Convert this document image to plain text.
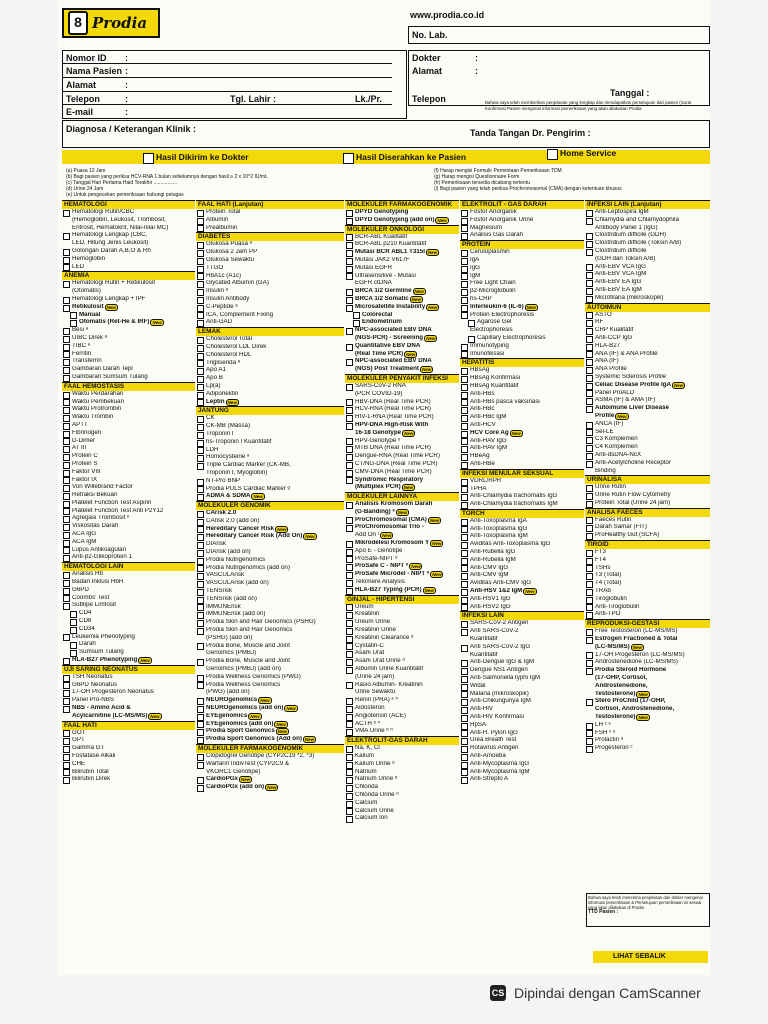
8 Prodia	www.prodia.co.id
No. Lab.
Nomor ID :
Nama Pasien :
Alamat	:
Telepon	:	Tgl. Lahir :	Lk./Pr.
E-mail	:
Dokter	:
Alamat	:
Telepon
Tanggal :
Bahwa saya telah memberikan penjelasan yang lengkap dan mendapatkan persetujuan dari pasien (Surat Konfirmasi Pasien mengenai informasi pemeriksaan yang akan dilakukan Prodia
Diagnosa / Keterangan Klinik :	Tanda Tangan Dr. Pengirim :
Hasil Dikirim ke Dokter	Hasil Diserahkan ke Pasien	Home Service
(a) Puasa 12 Jam
(b) Bagi pasien yang periksa HCV-RNA 1 bulan sebelumnya dengan hasil ≥ 2 x 10^2 IU/mL
(c) Tanggal Hari Pertama Haid Terakhir .................
(d) Urine 24 Jam
(e) Untuk pengecekan pemeriksaan hubungi petugas
(f) Harap mengisi Formulir Permintaan Pemeriksaan TDM
(g) Harap mengisi Questionnaire Form
(h) Pemeriksaan tersedia dicabang tertentu
(i) Bagi pasien yang telah periksa Prochromosomal (CMA) dengan ketentuan khusus
HEMATOLOGI
Hematologi Rutin/CBC
(Hemoglobin, Leukosit, Trombosit,
Eritrosit, Hematokrit, Nilai-nilai MC)
Hematologi Lengkap (CBC,
LED, Hitung Jenis Leukosit)
Golongan Darah A,B,O & Rh
Hemoglobin
LED
ANEMIA
Hematologi Rutin + Retikulosit
(Otomatis)
Hematologi Lengkap + IPF
Retikulosit New
Manual
Otomatis (Ret-He & IRF) New
Besi ᵃ
UIBC Direk ᵃ
TIBC ᵃ
Ferritin
Transferrin
Gambaran Darah Tepi
Gambaran Sumsum Tulang
FAAL HEMOSTASIS
Waktu Perdarahan
Waktu Pembekuan
Waktu Protrombin
Waktu Trombin
APTT
Fibrinogen
D-Dimer
AT III
Protein C
Protein S
Faktor VIII
Faktor IX
Von Willebrand Factor
Retraksi Bekuan
Platelet Function Test Aspirin
Platelet Function Test Anti P2Y12
Agregasi Trombosit ᵉ
Viskositas Darah
ACA IgG
ACA IgM
Lupus Antikoagulan
Anti-β2-Glikoprotein 1
HEMATOLOGI LAIN
Analisis Hb
Badan Inklusi HbH
G6PD
Coombs' Test
Subtipe Limfosit
CD4
CD8
CD34
Leukemia Phenotyping
Darah
Sumsum Tulang
HLA-B27 Phenotyping New
UJI SARING NEONATUS
TSH Neonatus
G6PD Neonatus
17-OH Progesteron Neonatus
Panel Pro-NBS
NBS - Amino Acid &
Acylcarnitine (LC-MS/MS) New
FAAL HATI
GOT
GPT
Gamma GT
Fosfatase Alkali
CHE
Bilirubin Total
Bilirubin Direk
FAAL HATI (Lanjutan)
Protein Total
Albumin
Prealbumin
DIABETES
Glukosa Puasa ᵃ
Glukosa 2 Jam PP
Glukosa Sewaktu
TTGO
HbA1c (A1c)
Glycated Albumin (GA)
Insulin ᵃ
Insulin Antibody
C-Peptide ᵃ
ICA, Complement Fixing
Anti-GAD
LEMAK
Cholesterol Total
Cholesterol LDL Direk
Cholesterol HDL
Trigliserida ᵃ
Apo A1
Apo B
Lp(a)
Adiponektin
Leptin New
JANTUNG
CK
CK-MB (Massa)
Troponin I
hs-Troponin I Kuantitatif
LDH
Homocysteine ᵃ
Triple Cardiac Marker (CK-MB,
Troponin I, Myoglobin)
NT-Pro BNP
Prodia PULS Cardiac Marker ᵍ
ADMA & SDMA New
MOLEKULER GENOMIK
CArisk 2.0
CArisk 2.0 (add on)
Hereditary Cancer Risk New
Hereditary Cancer Risk (Add On) New
DIArisk
DIArisk (add on)
Prodia Nutrigenomics
Prodia Nutrigenomics (add on)
VASCULArisk
VASCULArisk (add on)
TENSrisk
TENSrisk (add on)
IMMUNErisk
IMMUNErisk (add on)
Prodia Skin and Hair Genomics (PSHG)
Prodia Skin and Hair Genomics
(PSHG) (add on)
Prodia Bone, Muscle and Joint
Genomics (PMBJ)
Prodia Bone, Muscle and Joint
Genomics (PMBJ) (add on)
Prodia Wellness Genomics (PWG)
Prodia Wellness Genomics
(PWG) (add on)
NEUROgenomics New
NEUROgenomics (add on) New
EYEgenomics New
EYEgenomics (add on) New
Prodia Sport Genomics New
Prodia Sport Genomics (Add on) New
MOLEKULER FARMAKOGENOMIK
Clopidogrel Genotipe (CYP2C19 *2, *3)
Warfarin IndivTest (CYP2C9 &
VKORC1 Genotipe)
CardioPGx New
CardioPGx (add on) New
MOLEKULER FARMAKOGENOMIK
DPYD Genotyping
DPYD Genotyping (add on) New
MOLEKULER ONKOLOGI
BCR-ABL Kualitatif
BCR-ABL p210 Kuantitatif
Mutasi BCR ABL1 T315I New
Mutasi JAK2 V617F
Mutasi EGFR
Ultrasensitive - Mutasi
EGFR ctDNA
BRCA 1/2 Germline New
BRCA 1/2 Somatic New
Microsatellite Instability New
Colorectal
Endometrium
NPC-associated EBV DNA
(NGS-PCR) - Screening New
Quantitative EBV DNA
(Real Time PCR) New
NPC-associated EBV DNA
(NGS) Post Treatment New
MOLEKULER PENYAKIT INFEKSI
SARS-CoV-2 RNA
(PCR COVID-19)
HBV-DNA (Real Time PCR)
HCV-RNA (Real Time PCR)
HIV-1-RNA (Real Time PCR)
HPV-DNA High-Risk With
16-18 Genotype New
HPV-Genotype ᵉ
MTB DNA (Real Time PCR)
Dengue-RNA (Real Time PCR)
CT/NG-DNA (Real Time PCR)
CMV-DNA (Real Time PCR)
Syndromic Respiratory
(Multiplex PCR) New
MOLEKULER LAINNYA
Analisis Kromosom Darah
(G-Banding) ᵉ New
ProChromosomal (CMA) New
ProChromosomal Trio -
Add On ᵗ New
Mikrodelesi Kromosom Y New
Apo E - Genotipe
ProSafe-NIPT ᵉ
ProSafe C - NIPT ᵉ New
ProSafe Microdel - NIPT ᵉ New
Telomere Analysis
HLA-B27 Typing (PCR) New
GINJAL - HIPERTENSI
Ureum
Kreatinin
Ureum Urine
Kreatinin Urine
Kreatinin Clearance ᵈ
Cystatin-C
Asam Urat
Asam Urat Urine ᵈ
Albumin Urine Kuantitatif
(Urine 24 jam)
Rasio Albumin- Kreatinin
Urine Sewaktu
Renin (PRA) ᵉ ʰ
Aldosteron
Angiotensin (ACE)
ACTH ᵉ ʰ
VMA Urine ᵈ ʰ
ELEKTROLIT-GAS DARAH
Na, K, Cl
Kalium
Kalium Urine ᵈ
Natrium
Natrium Urine ᵈ
Chlorida
Chlorida Urine ᵈ
Calcium
Calcium Urine
Calcium Ion
ELEKTROLIT - GAS DARAH
Fosfor Anorganik
Fosfor Anorganik Urine
Magnesium
Analisis Gas Darah
PROTEIN
Ceruloplasmin
IgA
IgG
IgM
Free Light Chain
β2-Microglobulin
hs-CRP
Interleukin-6 (IL-6) New
Protein Electrophoresis
Agarose Gel
Electrophoresis
Capillary Electrophoresis
Immunotyping
Imunofiksasi
HEPATITIS
HBsAg
HBsAg Konfirmasi
HBsAg Kuantitatif
Anti-HBs
Anti-HBs pasca vaksinasi
Anti-HBc
Anti-HBc IgM
Anti-HCV
HCV Core Ag New
Anti-HAV IgG
Anti-HAV IgM
HBeAg
Anti-HBe
INFEKSI MENULAR SEKSUAL
VDRL/RPR
TPHA
Anti-Chlamydia trachomatis IgG
Anti-Chlamydia trachomatis IgM
TORCH
Anti-Toxoplasma IgA
Anti-Toxoplasma IgG
Anti-Toxoplasma IgM
Aviditas Anti-Toxoplasma IgG
Anti-Rubella IgG
Anti-Rubella IgM
Anti-CMV IgG
Anti-CMV IgM
Aviditas Anti-CMV IgG
Anti-HSV 1&2 IgM New
Anti-HSV1 IgG
Anti-HSV2 IgG
INFEKSI LAIN
SARS-CoV-2 Antigen
Anti SARS-CoV-2
Kuantitatif
Anti SARS-CoV-2 IgG
Kuantitatif
Anti-Dengue IgG & IgM
Dengue NS1 Antigen
Anti-Salmonella typhi IgM
Widal
Malaria (mikroskopik)
Anti-Chikungunya IgM
Anti-HIV
Anti-HIV Konfirmasi
HpSA
Anti-H. Pylori IgG
Urea Breath Test
Rotavirus Antigen
Anti-Amoeba
Anti-Mycoplasma IgG
Anti-Mycoplasma IgM
Anti-Strepto A
INFEKSI LAIN (Lanjutan)
Anti-Leptospira IgM
Chlamydia and Chlamydophila
Antibody Panel 1 (IgG)
Clostridium difficile (GDH)
Clostridium difficile (Toksin A/B)
Clostridium difficile
(GDH dan Toksin A/B)
Anti-EBV VCA IgG
Anti-EBV VCA IgM
Anti-EBV EA IgG
Anti-EBV EA IgM
Microfilaria (mikroskopik)
AUTOIMUN
ASTO
RF
CRP Kualitatif
Anti-CCP IgG
HLA-B27
ANA (IF) & ANA Profile
ANA (IF)
ANA Profile
Systemic Sclerosis Profile
Celiac Disease Profile IgA New
Panel ProALD
ASMA (IF) & AMA (IF)
Autoimune Liver Disease
Profile New
ANCA (IF)
Sel-LE
C3 Komplemen
C4 Komplemen
Anti-dsDNA-NcX
Anti-Acetylcholine Receptor
Binding
URINALISA
Urine Rutin
Urine Rutin Flow Cytometry
Protein Total (Urine 24 jam)
ANALISA FAECES
Faeces Rutin
Darah Samar (FIT)
ProHealthy Gut (SCFA)
TIROID
FT3
FT4
TSHs
T3 (Total)
T4 (Total)
TRAb
Tiroglobulin
Anti-Tiroglobulin
Anti-TPO
REPRODUKSI-GESTASI
Free Testosteron (LC-MS/MS)
Estrogen Fractioned & Total
(LC-MS/MS) New
17-OH Progesteron (LC-MS/MS)
Androstenedione (LC-MS/MS)
Prodia Steroid Hormone
(17-OHP, Cortisol,
Androstenedione,
Testosterone) New
Stero ProChild (17-OHP,
Cortisol, Androstenedione,
Testosterone) New
LH ᶜ ᵉ
FSH ᶜ ᵉ
Prolactin ᵃ
Progesteron ᶜ
Bahwa saya telah menerima penjelasan dari dokter mengenai informasi pemeriksaan & Persetujuan pemeriksaan ini sesuai yang akan dilakukan di Prodia
TTD Pasien :
LIHAT SEBALIK
CS Dipindai dengan CamScanner
